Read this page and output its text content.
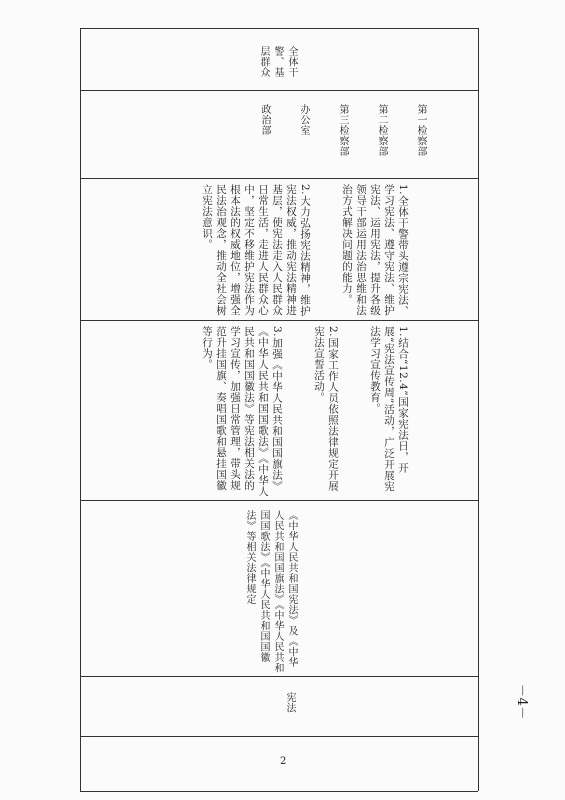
全体干警、基层群众

第一检察部

第二检察部

第三检察部

办公室

政治部

1.全体干警带头遵宗宪法、学习宪法、遵守宪法、维护宪法、运用宪法，提升各级领导干部运用法治思维和法治方式解决问题的能力。

2.大力弘扬宪法精神，维护宪法权威，推动宪法精神进基层，使宪法走入人民群众日常生活，走进人民群众心中，坚定不移维护宪法作为根本法的权威地位，增强全民法治观念，推动全社会树立宪法意识。

1.结合“12.4”国家宪法日，开展“宪法宣传周”活动，广泛开展宪法学习宣传教育。

2.国家工作人员依照法律规定开展宪法宣誓活动。

3.加强《中华人民共和国国旗法》《中华人民共和国国歌法》《中华人民共和国国徽法》等宪法相关法的学习宣传，加强日常管理，带头规范升挂国旗、奏唱国歌和悬挂国徽等行为。

《中华人民共和国宪法》及《中华人民共和国国旗法》《中华人民共和国国歌法》《中华人民共和国国徽法》等相关法律规定
宪法
2
－4－
